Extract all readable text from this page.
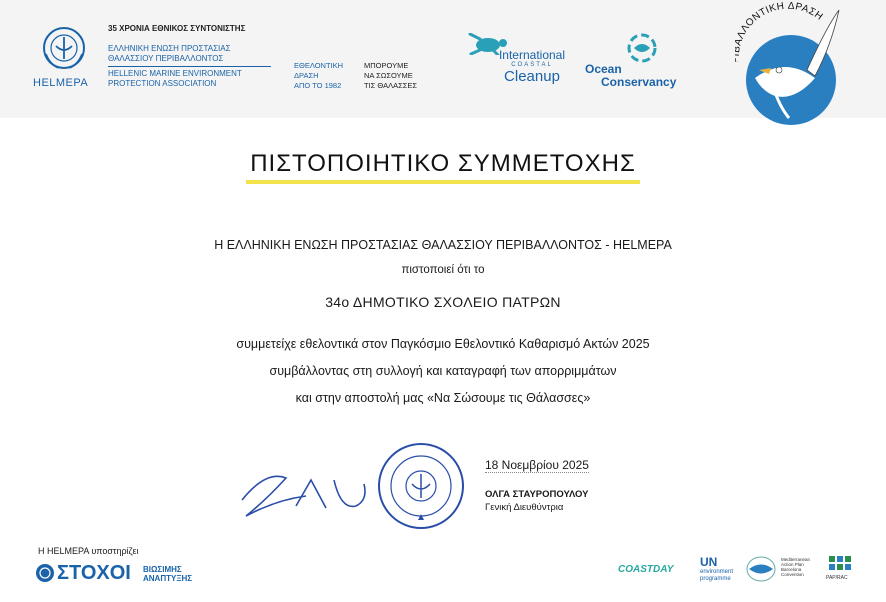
HELMEPA
35 ΧΡΟΝΙΑ ΕΘΝΙΚΟΣ ΣΥΝΤΟΝΙΣΤΗΣ
ΕΛΛΗΝΙΚΗ ΕΝΩΣΗ ΠΡΟΣΤΑΣΙΑΣ
ΘΑΛΑΣΣΙΟΥ ΠΕΡΙΒΑΛΛΟΝΤΟΣ
HELLENIC MARINE ENVIRONMENT
PROTECTION ASSOCIATION
ΕΘΕΛΟΝΤΙΚΗ
ΔΡΑΣΗ
ΑΠΟ ΤΟ 1982
ΜΠΟΡΟΥΜΕ
ΝΑ ΣΩΣΟΥΜΕ
ΤΙΣ ΘΑΛΑΣΣΕΣ
International
COASTAL
Cleanup	Ocean
Conservancy
ΛΛΟΝΤΙΚΗ ΔΡΑΣΗ
ΠΙΣΤΟΠΟΙΗΤΙΚΟ ΣΥΜΜΕΤΟΧΗΣ
Η ΕΛΛΗΝΙΚΗ ΕΝΩΣΗ ΠΡΟΣΤΑΣΙΑΣ ΘΑΛΑΣΣΙΟΥ ΠΕΡΙΒΑΛΛΟΝΤΟΣ - HELMEPA
πιστοποιεί ότι το
34ο ΔΗΜΟΤΙΚΟ ΣΧΟΛΕΙΟ ΠΑΤΡΩΝ
συμμετείχε εθελοντικά στον Παγκόσμιο Εθελοντικό Καθαρισμό Ακτών 2025
συμβάλλοντας στη συλλογή και καταγραφή των απορριμμάτων
και στην αποστολή μας «Να Σώσουμε τις Θάλασσες»
18 Νοεμβρίου 2025
ΟΛΓΑ ΣΤΑΥΡΟΠΟΥΛΟΥ
Γενική Διευθύντρια
Η HELMEPA υποστηρίζει
ΣΤΟΧΟΙ ΒΙΩΣΙΜΗΣ
ΑΝΑΠΤΥΞΗΣ
COASTDAY
UN
environment
programme
Mediterranean
Action Plan
Barcelona
Convention
PAP/RAC
